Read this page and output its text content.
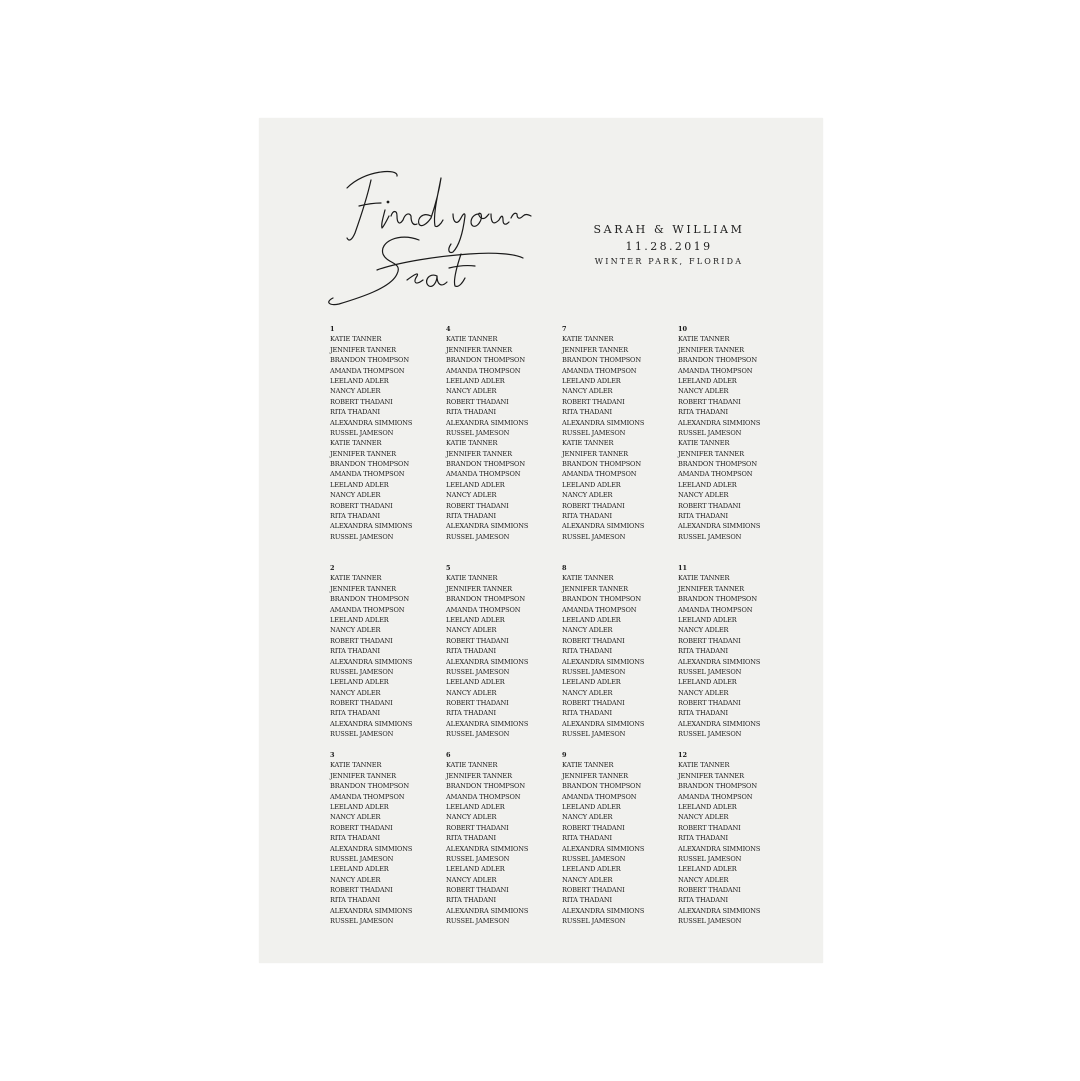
SARAH & WILLIAM
11.28.2019
WINTER PARK, FLORIDA
1
KATIE TANNER
JENNIFER TANNER
BRANDON THOMPSON
AMANDA THOMPSON
LEELAND ADLER
NANCY ADLER
ROBERT THADANI
RITA THADANI
ALEXANDRA SIMMIONS
RUSSEL JAMESON
KATIE TANNER
JENNIFER TANNER
BRANDON THOMPSON
AMANDA THOMPSON
LEELAND ADLER
NANCY ADLER
ROBERT THADANI
RITA THADANI
ALEXANDRA SIMMIONS
RUSSEL JAMESON
2
KATIE TANNER
JENNIFER TANNER
BRANDON THOMPSON
AMANDA THOMPSON
LEELAND ADLER
NANCY ADLER
ROBERT THADANI
RITA THADANI
ALEXANDRA SIMMIONS
RUSSEL JAMESON
LEELAND ADLER
NANCY ADLER
ROBERT THADANI
RITA THADANI
ALEXANDRA SIMMIONS
RUSSEL JAMESON
3
KATIE TANNER
JENNIFER TANNER
BRANDON THOMPSON
AMANDA THOMPSON
LEELAND ADLER
NANCY ADLER
ROBERT THADANI
RITA THADANI
ALEXANDRA SIMMIONS
RUSSEL JAMESON
LEELAND ADLER
NANCY ADLER
ROBERT THADANI
RITA THADANI
ALEXANDRA SIMMIONS
RUSSEL JAMESON
4
KATIE TANNER
JENNIFER TANNER
BRANDON THOMPSON
AMANDA THOMPSON
LEELAND ADLER
NANCY ADLER
ROBERT THADANI
RITA THADANI
ALEXANDRA SIMMIONS
RUSSEL JAMESON
KATIE TANNER
JENNIFER TANNER
BRANDON THOMPSON
AMANDA THOMPSON
LEELAND ADLER
NANCY ADLER
ROBERT THADANI
RITA THADANI
ALEXANDRA SIMMIONS
RUSSEL JAMESON
5
KATIE TANNER
JENNIFER TANNER
BRANDON THOMPSON
AMANDA THOMPSON
LEELAND ADLER
NANCY ADLER
ROBERT THADANI
RITA THADANI
ALEXANDRA SIMMIONS
RUSSEL JAMESON
LEELAND ADLER
NANCY ADLER
ROBERT THADANI
RITA THADANI
ALEXANDRA SIMMIONS
RUSSEL JAMESON
6
KATIE TANNER
JENNIFER TANNER
BRANDON THOMPSON
AMANDA THOMPSON
LEELAND ADLER
NANCY ADLER
ROBERT THADANI
RITA THADANI
ALEXANDRA SIMMIONS
RUSSEL JAMESON
LEELAND ADLER
NANCY ADLER
ROBERT THADANI
RITA THADANI
ALEXANDRA SIMMIONS
RUSSEL JAMESON
7
KATIE TANNER
JENNIFER TANNER
BRANDON THOMPSON
AMANDA THOMPSON
LEELAND ADLER
NANCY ADLER
ROBERT THADANI
RITA THADANI
ALEXANDRA SIMMIONS
RUSSEL JAMESON
KATIE TANNER
JENNIFER TANNER
BRANDON THOMPSON
AMANDA THOMPSON
LEELAND ADLER
NANCY ADLER
ROBERT THADANI
RITA THADANI
ALEXANDRA SIMMIONS
RUSSEL JAMESON
8
KATIE TANNER
JENNIFER TANNER
BRANDON THOMPSON
AMANDA THOMPSON
LEELAND ADLER
NANCY ADLER
ROBERT THADANI
RITA THADANI
ALEXANDRA SIMMIONS
RUSSEL JAMESON
LEELAND ADLER
NANCY ADLER
ROBERT THADANI
RITA THADANI
ALEXANDRA SIMMIONS
RUSSEL JAMESON
9
KATIE TANNER
JENNIFER TANNER
BRANDON THOMPSON
AMANDA THOMPSON
LEELAND ADLER
NANCY ADLER
ROBERT THADANI
RITA THADANI
ALEXANDRA SIMMIONS
RUSSEL JAMESON
LEELAND ADLER
NANCY ADLER
ROBERT THADANI
RITA THADANI
ALEXANDRA SIMMIONS
RUSSEL JAMESON
10
KATIE TANNER
JENNIFER TANNER
BRANDON THOMPSON
AMANDA THOMPSON
LEELAND ADLER
NANCY ADLER
ROBERT THADANI
RITA THADANI
ALEXANDRA SIMMIONS
RUSSEL JAMESON
KATIE TANNER
JENNIFER TANNER
BRANDON THOMPSON
AMANDA THOMPSON
LEELAND ADLER
NANCY ADLER
ROBERT THADANI
RITA THADANI
ALEXANDRA SIMMIONS
RUSSEL JAMESON
11
KATIE TANNER
JENNIFER TANNER
BRANDON THOMPSON
AMANDA THOMPSON
LEELAND ADLER
NANCY ADLER
ROBERT THADANI
RITA THADANI
ALEXANDRA SIMMIONS
RUSSEL JAMESON
LEELAND ADLER
NANCY ADLER
ROBERT THADANI
RITA THADANI
ALEXANDRA SIMMIONS
RUSSEL JAMESON
12
KATIE TANNER
JENNIFER TANNER
BRANDON THOMPSON
AMANDA THOMPSON
LEELAND ADLER
NANCY ADLER
ROBERT THADANI
RITA THADANI
ALEXANDRA SIMMIONS
RUSSEL JAMESON
LEELAND ADLER
NANCY ADLER
ROBERT THADANI
RITA THADANI
ALEXANDRA SIMMIONS
RUSSEL JAMESON
